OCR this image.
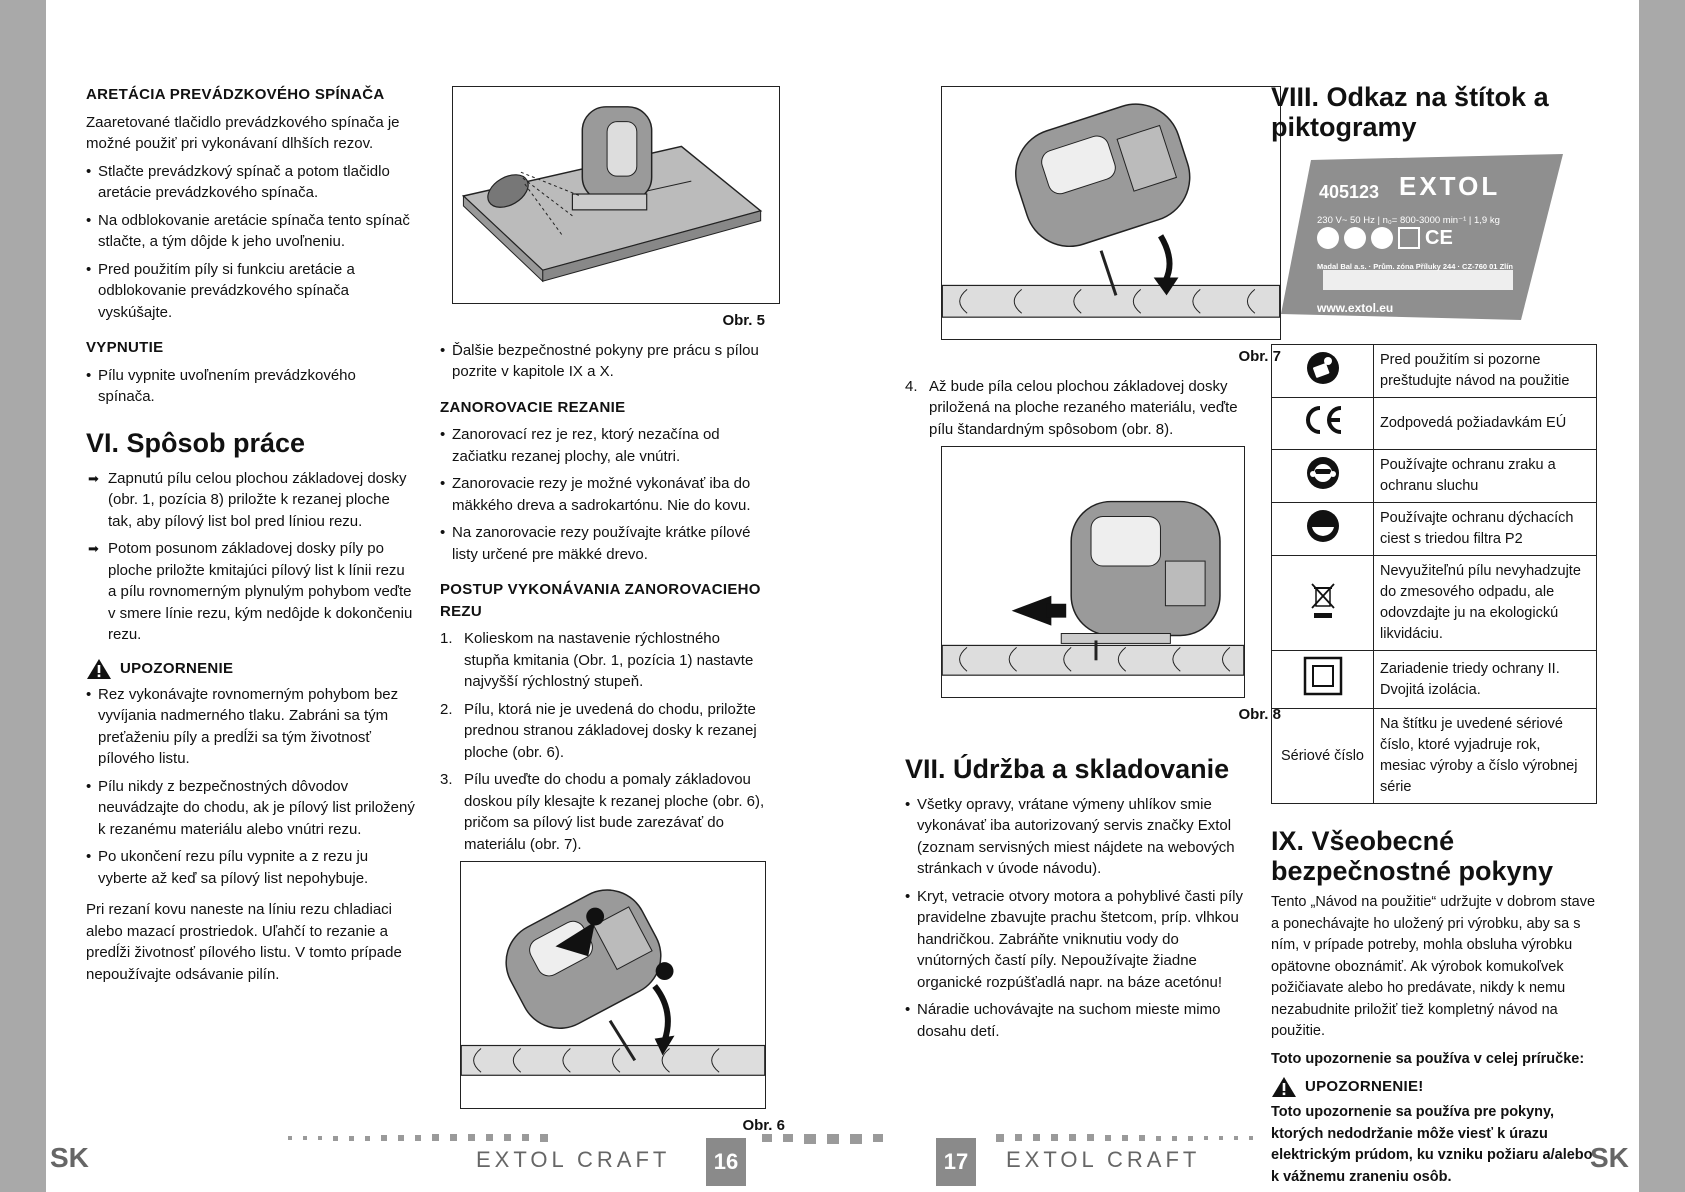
ARETÁCIA PREVÁDZKOVÉHO SPÍNAČA

Zaaretované tlačidlo prevádzkového spínača je možné použiť pri vykonávaní dlhších rezov.

• Stlačte prevádzkový spínač a potom tlačidlo aretácie prevádzkového spínača.
• Na odblokovanie aretácie spínača tento spínač stlačte, a tým dôjde k jeho uvoľneniu.
• Pred použitím píly si funkciu aretácie a odblokovanie prevádzkového spínača vyskúšajte.
VYPNUTIE
• Pílu vypnite uvoľnením prevádzkového spínača.
VI. Spôsob práce
➡ Zapnutú pílu celou plochou základovej dosky (obr. 1, pozícia 8) priložte k rezanej ploche tak, aby pílový list bol pred líniou rezu.
➡ Potom posunom základovej dosky píly po ploche priložte kmitajúci pílový list k línii rezu a pílu rovnomerným plynulým pohybom veďte v smere línie rezu, kým nedôjde k dokončeniu rezu.
UPOZORNENIE
• Rez vykonávajte rovnomerným pohybom bez vyvíjania nadmerného tlaku. Zabráni sa tým preťaženiu píly a predĺži sa tým životnosť pílového listu.
• Pílu nikdy z bezpečnostných dôvodov neuvádzajte do chodu, ak je pílový list priložený k rezanému materiálu alebo vnútri rezu.
• Po ukončení rezu pílu vypnite a z rezu ju vyberte až keď sa pílový list nepohybuje.

Pri rezaní kovu naneste na líniu rezu chladiaci alebo mazací prostriedok. Uľahčí to rezanie a predĺži životnosť pílového listu. V tomto prípade nepoužívajte odsávanie pilín.

Obr. 5
• Ďalšie bezpečnostné pokyny pre prácu s pílou pozrite v kapitole IX a X.
ZANOROVACIE REZANIE
• Zanorovací rez je rez, ktorý nezačína od začiatku rezanej plochy, ale vnútri.
• Zanorovacie rezy je možné vykonávať iba do mäkkého dreva a sadrokartónu. Nie do kovu.
• Na zanorovacie rezy používajte krátke pílové listy určené pre mäkké drevo.
POSTUP VYKONÁVANIA ZANOROVACIEHO REZU
1. Kolieskom na nastavenie rýchlostného stupňa kmitania (Obr. 1, pozícia 1) nastavte najvyšší rýchlostný stupeň.
2. Pílu, ktorá nie je uvedená do chodu, priložte prednou stranou základovej dosky k rezanej ploche (obr. 6).
3. Pílu uveďte do chodu a pomaly základovou doskou píly klesajte k rezanej ploche (obr. 6), pričom sa pílový list bude zarezávať do materiálu (obr. 7).
Obr. 6
Obr. 7
4. Až bude píla celou plochou základovej dosky priložená na ploche rezaného materiálu, veďte pílu štandardným spôsobom (obr. 8).
Obr. 8
VII. Údržba a skladovanie
• Všetky opravy, vrátane výmeny uhlíkov smie vykonávať iba autorizovaný servis značky Extol (zoznam servisných miest nájdete na webových stránkach v úvode návodu).
• Kryt, vetracie otvory motora a pohyblivé časti píly pravidelne zbavujte prachu štetcom, príp. vlhkou handričkou. Zabráňte vniknutiu vody do vnútorných častí píly. Nepoužívajte žiadne organické rozpúšťadlá napr. na báze acetónu!
• Náradie uchovávajte na suchom mieste mimo dosahu detí.
VIII. Odkaz na štítok a piktogramy
405123 EXTOL
230 V~ 50 Hz | n₀= 800-3000 min⁻¹ | 1,9 kg
CE
Madal Bal a.s. · Prům. zóna Příluky 244 · CZ-760 01 Zlín
www.extol.eu
	Pred použitím si pozorne preštudujte návod na použitie
	Zodpovedá požiadavkám EÚ
	Používajte ochranu zraku a ochranu sluchu
	Používajte ochranu dýchacích ciest s triedou filtra P2
	Nevyužiteľnú pílu nevyhadzujte do zmesového odpadu, ale odovzdajte ju na ekologickú likvidáciu.
	Zariadenie triedy ochrany II. Dvojitá izolácia.
Sériové číslo	Na štítku je uvedené sériové číslo, ktoré vyjadruje rok, mesiac výroby a číslo výrobnej série
IX. Všeobecné bezpečnostné pokyny

Tento „Návod na použitie“ udržujte v dobrom stave a ponechávajte ho uložený pri výrobku, aby sa s ním, v prípade potreby, mohla obsluha výrobku opätovne oboznámiť. Ak výrobok komukoľvek požičiavate alebo ho predávate, nikdy k nemu nezabudnite priložiť tiež kompletný návod na použitie.

Toto upozornenie sa používa v celej príručke:

UPOZORNENIE!

Toto upozornenie sa používa pre pokyny, ktorých nedodržanie môže viesť k úrazu elektrickým prúdom, ku vzniku požiaru a/alebo k vážnemu zraneniu osôb.

SK	EXTOL CRAFT	16	17	EXTOL CRAFT	SK
